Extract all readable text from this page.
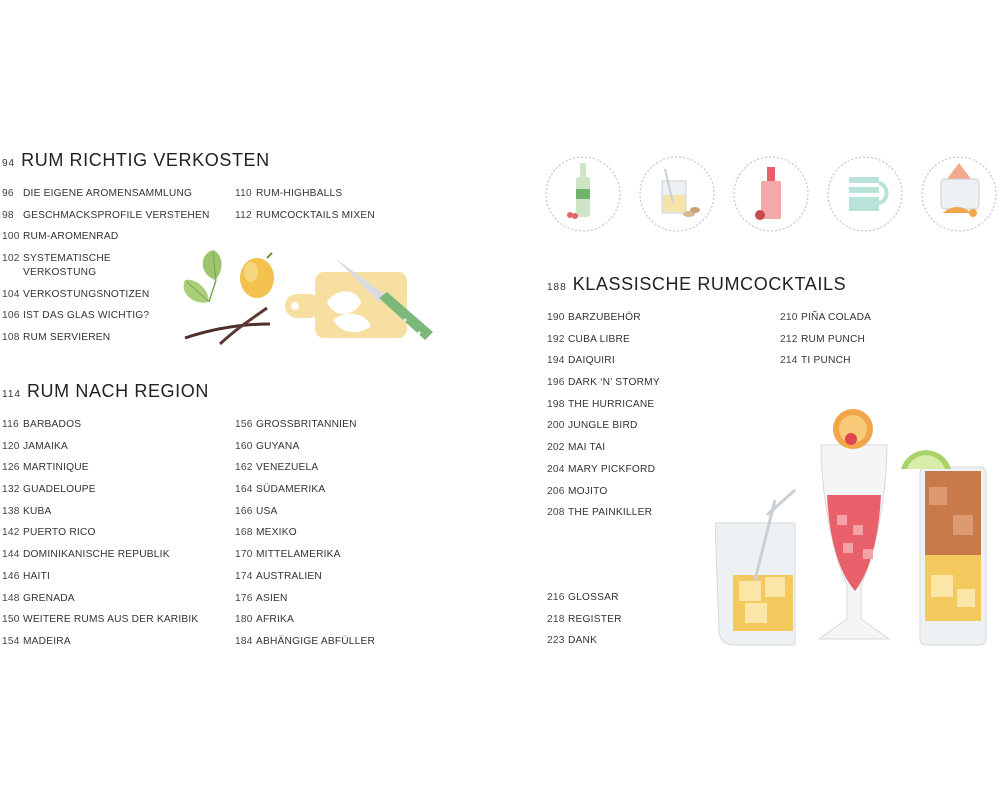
94 RUM RICHTIG VERKOSTEN
96 DIE EIGENE AROMENSAMMLUNG
98 GESCHMACKSPROFILE VERSTEHEN
100 RUM-AROMENRAD
102 SYSTEMATISCHE VERKOSTUNG
104 VERKOSTUNGSNOTIZEN
106 IST DAS GLAS WICHTIG?
108 RUM SERVIEREN
110 RUM-HIGHBALLS
112 RUMCOCKTAILS MIXEN
114 RUM NACH REGION
116 BARBADOS
120 JAMAIKA
126 MARTINIQUE
132 GUADELOUPE
138 KUBA
142 PUERTO RICO
144 DOMINIKANISCHE REPUBLIK
146 HAITI
148 GRENADA
150 WEITERE RUMS AUS DER KARIBIK
154 MADEIRA
156 GROSSBRITANNIEN
160 GUYANA
162 VENEZUELA
164 SÜDAMERIKA
166 USA
168 MEXIKO
170 MITTELAMERIKA
174 AUSTRALIEN
176 ASIEN
180 AFRIKA
184 ABHÄNGIGE ABFÜLLER
188 KLASSISCHE RUMCOCKTAILS
190 BARZUBEHÖR
192 CUBA LIBRE
194 DAIQUIRI
196 DARK ‘N’ STORMY
198 THE HURRICANE
200 JUNGLE BIRD
202 MAI TAI
204 MARY PICKFORD
206 MOJITO
208 THE PAINKILLER
210 PIÑA COLADA
212 RUM PUNCH
214 TI PUNCH
216 GLOSSAR
218 REGISTER
223 DANK
